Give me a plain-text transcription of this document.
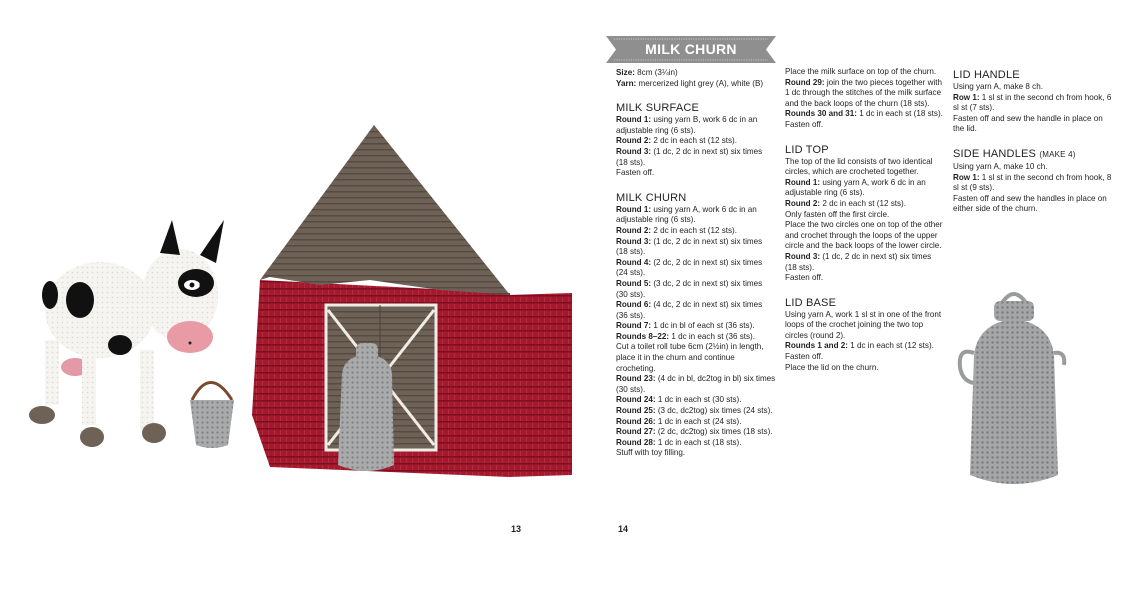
13	14
MILK CHURN

Size: 8cm (3¼in)

Yarn: mercerized light grey (A), white (B)

MILK SURFACE

Round 1: using yarn B, work 6 dc in an adjustable ring (6 sts).

Round 2: 2 dc in each st (12 sts).

Round 3: (1 dc, 2 dc in next st) six times (18 sts).

Fasten off.

MILK CHURN

Round 1: using yarn A, work 6 dc in an adjustable ring (6 sts).

Round 2: 2 dc in each st (12 sts).

Round 3: (1 dc, 2 dc in next st) six times (18 sts).

Round 4: (2 dc, 2 dc in next st) six times (24 sts).

Round 5: (3 dc, 2 dc in next st) six times (30 sts).

Round 6: (4 dc, 2 dc in next st) six times (36 sts).

Round 7: 1 dc in bl of each st (36 sts).

Rounds 8–22: 1 dc in each st (36 sts).

Cut a toilet roll tube 6cm (2½in) in length, place it in the churn and continue crocheting.

Round 23: (4 dc in bl, dc2tog in bl) six times (30 sts).

Round 24: 1 dc in each st (30 sts).

Round 25: (3 dc, dc2tog) six times (24 sts).

Round 26: 1 dc in each st (24 sts).

Round 27: (2 dc, dc2tog) six times (18 sts).

Round 28: 1 dc in each st (18 sts).

Stuff with toy filling.

Place the milk surface on top of the churn.

Round 29: join the two pieces together with 1 dc through the stitches of the milk surface and the back loops of the churn (18 sts).

Rounds 30 and 31: 1 dc in each st (18 sts).

Fasten off.

LID TOP

The top of the lid consists of two identical circles, which are crocheted together.

Round 1: using yarn A, work 6 dc in an adjustable ring (6 sts).

Round 2: 2 dc in each st (12 sts).

Only fasten off the first circle.

Place the two circles one on top of the other and crochet through the loops of the upper circle and the back loops of the lower circle.

Round 3: (1 dc, 2 dc in next st) six times (18 sts).

Fasten off.

LID BASE

Using yarn A, work 1 sl st in one of the front loops of the crochet joining the two top circles (round 2).

Rounds 1 and 2: 1 dc in each st (12 sts).

Fasten off.

Place the lid on the churn.

LID HANDLE

Using yarn A, make 8 ch.

Row 1: 1 sl st in the second ch from hook, 6 sl st (7 sts).

Fasten off and sew the handle in place on the lid.

SIDE HANDLES (MAKE 4)

Using yarn A, make 10 ch.

Row 1: 1 sl st in the second ch from hook, 8 sl st (9 sts).

Fasten off and sew the handles in place on either side of the churn.
